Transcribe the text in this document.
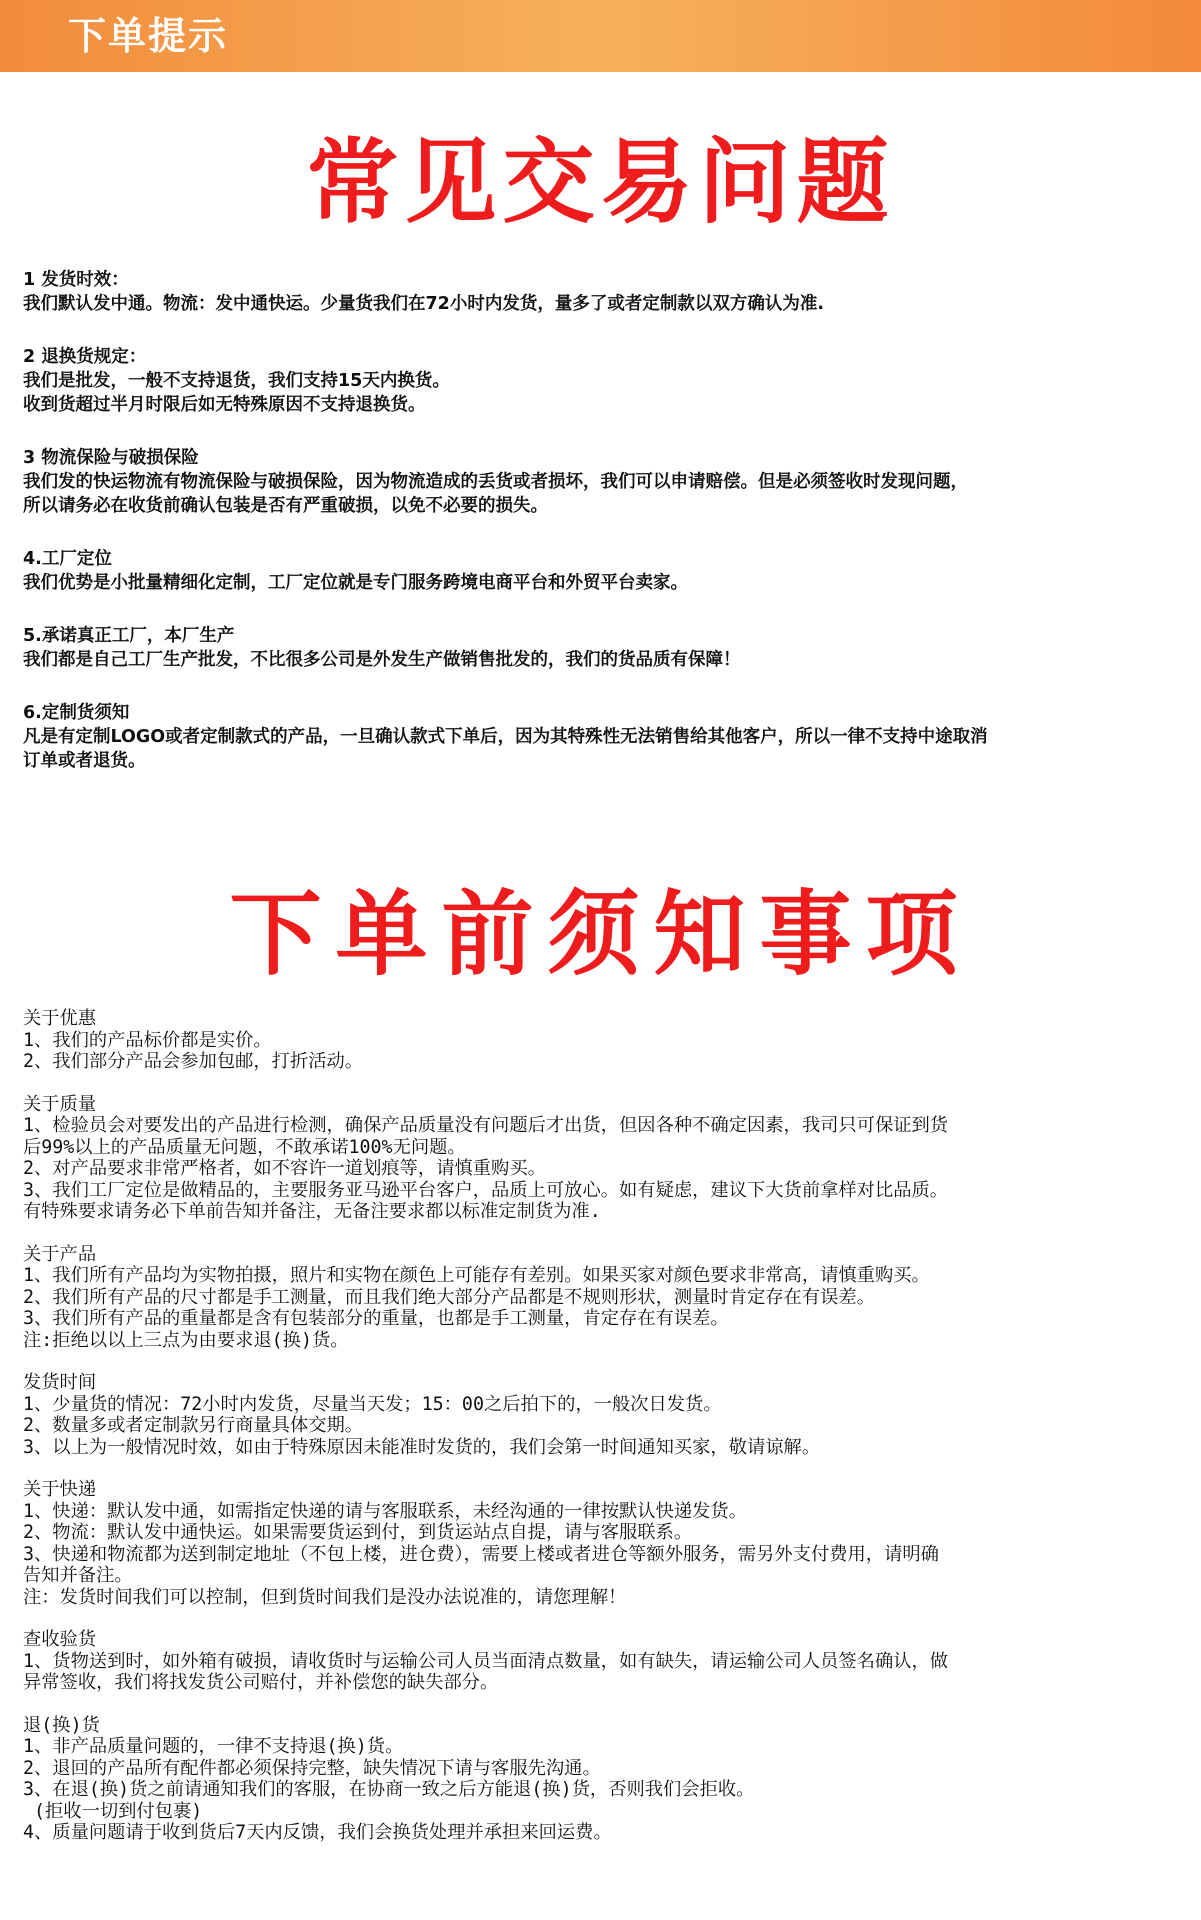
下单提示
常见交易问题
1 发货时效：
我们默认发中通。物流：发中通快运。少量货我们在72小时内发货，量多了或者定制款以双方确认为准.
2 退换货规定：
我们是批发，一般不支持退货，我们支持15天内换货。
收到货超过半月时限后如无特殊原因不支持退换货。
3 物流保险与破损保险
我们发的快运物流有物流保险与破损保险，因为物流造成的丢货或者损坏，我们可以申请赔偿。但是必须签收时发现问题，
所以请务必在收货前确认包装是否有严重破损，以免不必要的损失。
4.工厂定位
我们优势是小批量精细化定制，工厂定位就是专门服务跨境电商平台和外贸平台卖家。
5.承诺真正工厂，本厂生产
我们都是自己工厂生产批发，不比很多公司是外发生产做销售批发的，我们的货品质有保障！
6.定制货须知
凡是有定制LOGO或者定制款式的产品，一旦确认款式下单后，因为其特殊性无法销售给其他客户，所以一律不支持中途取消
订单或者退货。
下单前须知事项
关于优惠
1、我们的产品标价都是实价。
2、我们部分产品会参加包邮，打折活动。
关于质量
1、检验员会对要发出的产品进行检测，确保产品质量没有问题后才出货，但因各种不确定因素，我司只可保证到货
后99%以上的产品质量无问题，不敢承诺100%无问题。
2、对产品要求非常严格者，如不容许一道划痕等，请慎重购买。
3、我们工厂定位是做精品的，主要服务亚马逊平台客户，品质上可放心。如有疑虑，建议下大货前拿样对比品质。
有特殊要求请务必下单前告知并备注，无备注要求都以标准定制货为准.
关于产品
1、我们所有产品均为实物拍摄，照片和实物在颜色上可能存有差别。如果买家对颜色要求非常高，请慎重购买。
2、我们所有产品的尺寸都是手工测量，而且我们绝大部分产品都是不规则形状，测量时肯定存在有误差。
3、我们所有产品的重量都是含有包装部分的重量，也都是手工测量，肯定存在有误差。
注:拒绝以以上三点为由要求退(换)货。
发货时间
1、少量货的情况：72小时内发货，尽量当天发；15：00之后拍下的，一般次日发货。
2、数量多或者定制款另行商量具体交期。
3、以上为一般情况时效，如由于特殊原因未能准时发货的，我们会第一时间通知买家，敬请谅解。
关于快递
1、快递：默认发中通，如需指定快递的请与客服联系，未经沟通的一律按默认快递发货。
2、物流：默认发中通快运。如果需要货运到付，到货运站点自提，请与客服联系。
3、快递和物流都为送到制定地址（不包上楼，进仓费），需要上楼或者进仓等额外服务，需另外支付费用，请明确
告知并备注。
注：发货时间我们可以控制，但到货时间我们是没办法说准的，请您理解！
查收验货
1、货物送到时，如外箱有破损，请收货时与运输公司人员当面清点数量，如有缺失，请运输公司人员签名确认，做
异常签收，我们将找发货公司赔付，并补偿您的缺失部分。
退(换)货
1、非产品质量问题的，一律不支持退(换)货。
2、退回的产品所有配件都必须保持完整，缺失情况下请与客服先沟通。
3、在退(换)货之前请通知我们的客服，在协商一致之后方能退(换)货，否则我们会拒收。
(拒收一切到付包裹)
4、质量问题请于收到货后7天内反馈，我们会换货处理并承担来回运费。
